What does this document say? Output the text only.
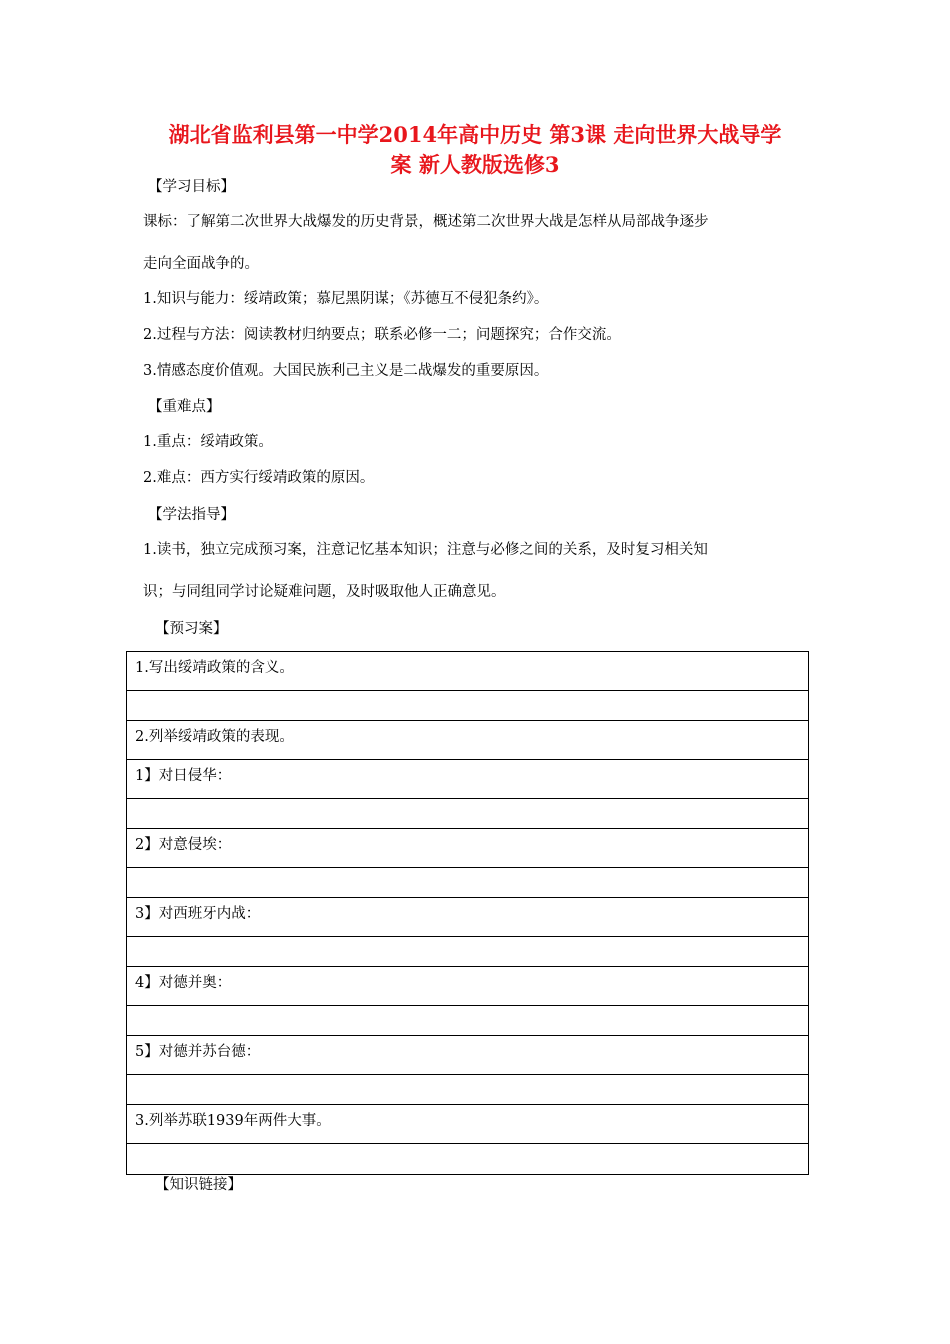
湖北省监利县第一中学2014年高中历史 第3课 走向世界大战导学
案 新人教版选修3
【学习目标】
课标：了解第二次世界大战爆发的历史背景，概述第二次世界大战是怎样从局部战争逐步
走向全面战争的。
1.知识与能力：绥靖政策；慕尼黑阴谋；《苏德互不侵犯条约》。
2.过程与方法：阅读教材归纳要点；联系必修一二；问题探究；合作交流。
3.情感态度价值观。大国民族利己主义是二战爆发的重要原因。
【重难点】
1.重点：绥靖政策。
2.难点：西方实行绥靖政策的原因。
【学法指导】
1.读书，独立完成预习案，注意记忆基本知识；注意与必修之间的关系，及时复习相关知
识；与同组同学讨论疑难问题，及时吸取他人正确意见。
【预习案】
1.写出绥靖政策的含义。

2.列举绥靖政策的表现。
1】对日侵华：

2】对意侵埃：

3】对西班牙内战：

4】对德并奥：

5】对德并苏台德：

3.列举苏联1939年两件大事。

【知识链接】
